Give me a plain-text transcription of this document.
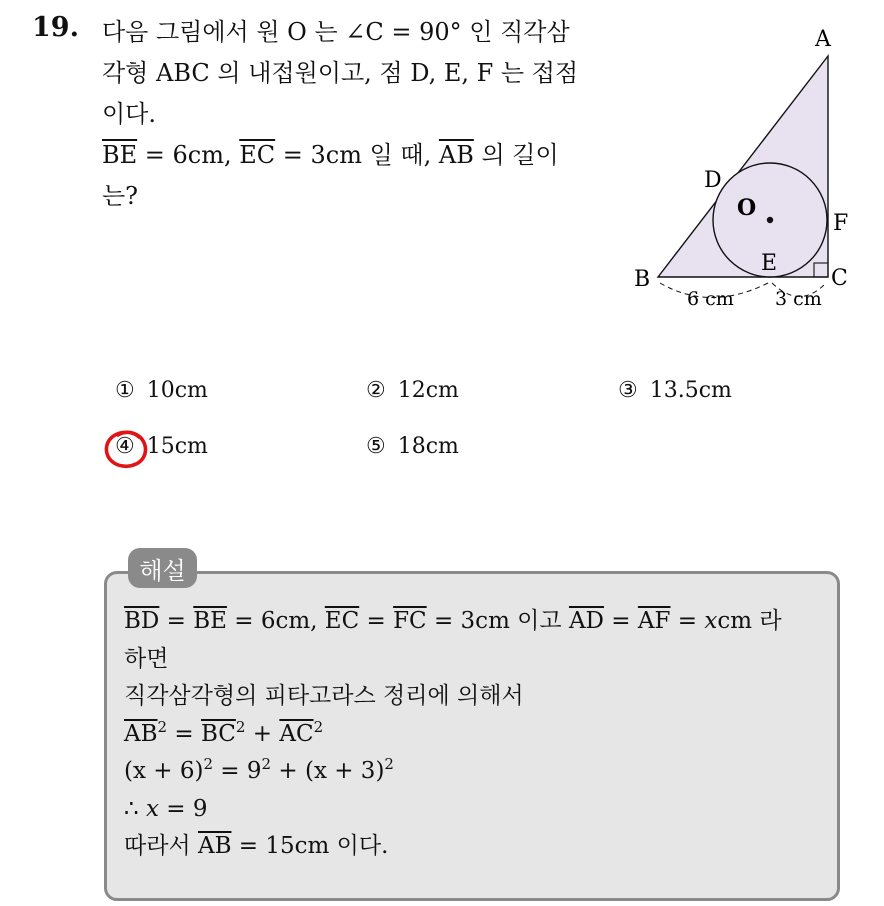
19. 다음 그림에서 원 O 는 ∠C = 90° 인 직각삼
각형 ABC 의 내접원이고, 점 D, E, F 는 접점
이다.
$\overline{BE} = 6cm$, $\overline{EC} = 3cm$ 일 때, $\overline{AB}$ 의 길이
는?
A
B	C
D
E
F
O
6 cm 3 cm
① 10cm	② 12cm	③ 13.5cm
④ 15cm	⑤ 18cm
해설
$\overline{BD} = \overline{BE} = 6cm$, $\overline{EC} = \overline{FC} = 3cm$ 이고 $\overline{AD} = \overline{AF}$ = xcm 라
하면
직각삼각형의 피타고라스 정리에 의해서
$\overline{AB}^2 = \overline{BC}^2 + \overline{AC}^2$
$(x + 6)^2 = 9^2 + (x + 3)^2$
∴ x = 9
따라서 $\overline{AB} = 15cm$ 이다.
